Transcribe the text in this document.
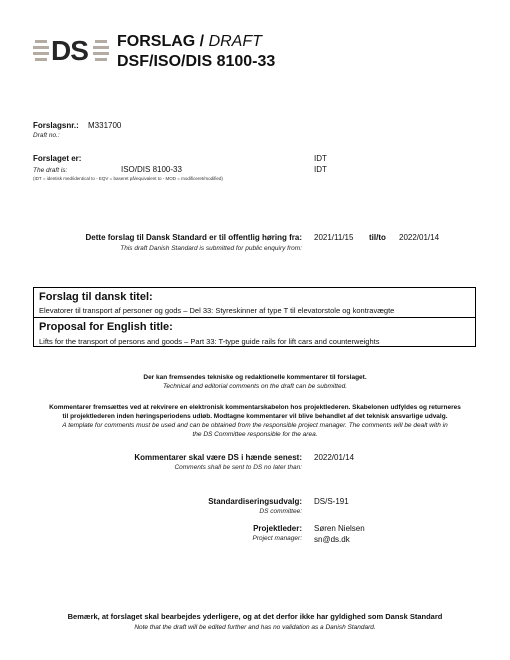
DS FORSLAG / DRAFT
DSF/ISO/DIS 8100-33
Forslagsnr.: M331700
Draft no.:
Forslaget er:	IDT
The draft is:	ISO/DIS 8100-33	IDT
(IDT = identisk med/identical to - EQV = baseret på/equivalent to - MOD = modificeret/modified)
Dette forslag til Dansk Standard er til offentlig høring fra: 2021/11/15 til/to 2022/01/14
This draft Danish Standard is submitted for public enquiry from:
Forslag til dansk titel:
Elevatorer til transport af personer og gods – Del 33: Styreskinner af type T til elevatorstole og kontravægte
Proposal for English title:
Lifts for the transport of persons and goods – Part 33: T-type guide rails for lift cars and counterweights
Der kan fremsendes tekniske og redaktionelle kommentarer til forslaget.
Technical and editorial comments on the draft can be submitted.
Kommentarer fremsættes ved at rekvirere en elektronisk kommentarskabelon hos projektlederen. Skabelonen udfyldes og returneres
til projektlederen inden høringsperiodens udløb. Modtagne kommentarer vil blive behandlet af det teknisk ansvarlige udvalg.
A template for comments must be used and can be obtained from the responsible project manager. The comments will be dealt with in
the DS Committee responsible for the area.
Kommentarer skal være DS i hænde senest: 2022/01/14
Comments shall be sent to DS no later than:
Standardiseringsudvalg: DS/S-191
DS committee:
Projektleder: Søren Nielsen
Project manager: sn@ds.dk
Bemærk, at forslaget skal bearbejdes yderligere, og at det derfor ikke har gyldighed som Dansk Standard
Note that the draft will be edited further and has no validation as a Danish Standard.
